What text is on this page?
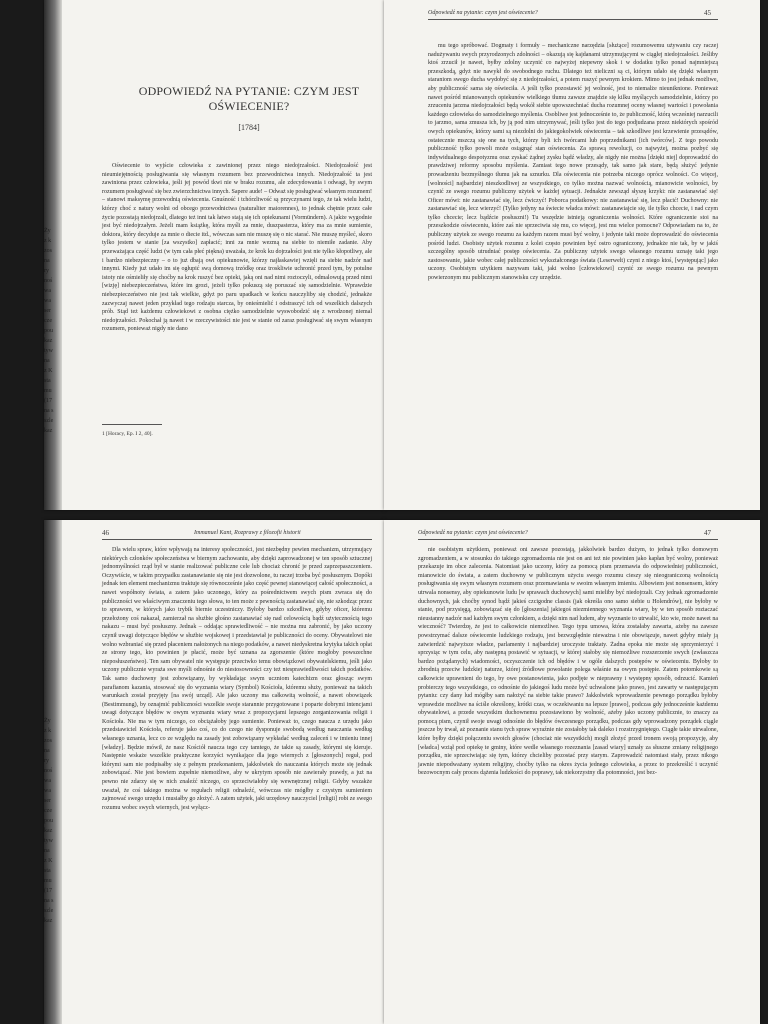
Ży
z k
zos
na
ry
noś
wa
wa
ser
cze
pou
kaz
tyw
na
z K
sta
mu
(17
na s
szle
kaz
ODPOWIEDŹ NA PYTANIE: CZYM JEST OŚWIECENIE?
[1784]

Oświecenie to wyjście człowieka z zawinionej przez niego niedojrzałości. Niedojrzałość jest nieumiejętnością posługiwania się własnym rozumem bez przewodnictwa innych. Niedojrzałość ta jest zawiniona przez człowieka, jeśli jej powód tkwi nie w braku rozumu, ale zdecydowania i odwagi, by swym rozumem posługiwać się bez zwierzchnictwa innych. Sapere aude! – Odważ się posługiwać własnym rozumem! – stanowi maksymę przewodnią oświecenia. Gnuśność i tchórzliwość są przyczynami tego, że tak wielu ludzi, którzy choć z natury wolni od obcego przewodnictwa (naturaliter maiorennes), to jednak chętnie przez całe życie pozostają niedojrzali, dlatego też inni tak łatwo stają się ich opiekunami (Vormündern). A jakże wygodnie jest być niedojrzałym. Jeżeli mam książkę, która myśli za mnie, duszpasterza, który ma za mnie sumienie, doktora, który decyduje za mnie o diecie itd., wówczas sam nie muszę się o nic starać. Nie muszę myśleć, skoro tylko jestem w stanie [za wszystko] zapłacić; inni za mnie wezmą na siebie to niemiłe zadanie. Aby przeważająca część ludzi (w tym cała płeć piękna) uważała, że krok ku dojrzałości jest nie tylko kłopotliwy, ale i bardzo niebezpieczny – o to już dbają owi opiekunowie, którzy najłaskawiej wzięli na siebie nadzór nad innymi. Kiedy już udało im się ogłupić swą domową trzódkę oraz troskliwie uchronić przed tym, by potulne istoty nie ośmieliły się choćby na krok ruszyć bez opieki, jaką oni nad nimi roztoczyli, odmalowują przed nimi [wizję] niebezpieczeństwa, które im grozi, jeżeli tylko pokuszą się poruszać się samodzielnie. Wprawdzie niebezpieczeństwo nie jest tak wielkie, gdyż po paru upadkach w końcu nauczyliby się chodzić, jednakże zazwyczaj nawet jeden przykład tego rodzaju starcza, by onieśmielić i odstraszyć ich od wszelkich dalszych prób. Stąd też każdemu człowiekowi z osobna ciężko samodzielnie wyswobodzić się z wrodzonej niemal niedojrzałości. Pokochał ją nawet i w rzeczywistości nie jest w stanie od zaraz posługiwać się swym własnym rozumem, ponieważ nigdy nie dano

1 [Horacy, Ep. I 2, 40].
Odpowiedź na pytanie: czym jest oświecenie?	45

mu tego spróbować. Dogmaty i formuły – mechaniczne narzędzia [służące] rozumowemu używaniu czy raczej nadużywaniu swych przyrodzonych zdolności – okazują się kajdanami utrzymującymi w ciągłej niedojrzałości. Jeśliby ktoś zrzucił je nawet, byłby zdolny uczynić co najwyżej niepewny skok i w dodatku tylko ponad najmniejszą przeszkodą, gdyż nie nawykł do swobodnego ruchu. Dlatego też nieliczni są ci, którym udało się dzięki własnym staraniom swego ducha wydobyć się z niedojrzałości, a potem ruszyć pewnym krokiem. Mimo to jest jednak możliwe, aby publiczność sama się oświeciła. A jeśli tylko pozostawić jej wolność, jest to niemalże nieuniknione. Ponieważ nawet pośród mianowanych opiekunów wielkiego tłumu zawsze znajdzie się kilku myślących samodzielnie, którzy po zrzuceniu jarzma niedojrzałości będą wokół siebie upowszechniać ducha rozumnej oceny własnej wartości i powołania każdego człowieka do samodzielnego myślenia. Osobliwe jest jednocześnie to, że publiczność, którą wcześniej narzucili to jarzmo, sama zmusza ich, by ją pod nim utrzymywać, jeśli tylko jest do tego podjudzana przez niektórych spośród owych opiekunów, którzy sami są niezdolni do jakiegokolwiek oświecenia – tak szkodliwe jest krzewienie przesądów, ostatecznie mszczą się one na tych, którzy byli ich twórcami lub poprzednikami [ich twórców]. Z tego powodu publiczność tylko powoli może osiągnąć stan oświecenia. Za sprawą rewolucji, co najwyżej, można pozbyć się indywidualnego despotyzmu oraz zyskać żądnej zysku bądź władzy, ale nigdy nie można [dzięki niej] doprowadzić do prawdziwej reformy sposobu myślenia. Zamiast tego nowe przesądy, tak samo jak stare, będą służyć jedynie prowadzeniu bezmyślnego tłumu jak na sznurku. Dla oświecenia nie potrzeba niczego oprócz wolności. Co więcej, [wolności] najbardziej nieszkodliwej ze wszystkiego, co tylko można nazwać wolnością, mianowicie wolności, by czynić ze swego rozumu publiczny użytek w każdej sytuacji. Jednakże zewsząd słyszę krzyki: nie zastanawiać się! Oficer mówi: nie zastanawiać się, lecz ćwiczyć! Poborca podatkowy: nie zastanawiać się, lecz płacić! Duchowny: nie zastanawiać się, lecz wierzyć! (Tylko jedyny na świecie władca mówi: zastanawiajcie się, ile tylko chcecie, i nad czym tylko chcecie; lecz bądźcie posłuszni!) Tu wszędzie istnieją ograniczenia wolności. Które ograniczenie stoi na przeszkodzie oświeceniu, które zaś nie sprzeciwia się mu, co więcej, jest mu wielce pomocne? Odpowiadam na to, że publiczny użytek ze swego rozumu za każdym razem musi być wolny, i jedynie taki może doprowadzić do oświecenia pośród ludzi. Osobisty użytek rozumu z kolei często powinien być ostro ograniczony, jednakże nie tak, by w jakiś szczególny sposób utrudniać postęp oświecenia. Za publiczny użytek swego własnego rozumu uznaję taki jego zastosowanie, jakie wobec całej publiczności wykształconego świata (Leserwelt) czyni z niego ktoś, [występując] jako uczony. Osobistym użytkiem nazywam taki, jaki wolno [człowiekowi] czynić ze swego rozumu na pewnym powierzonym mu publicznym stanowisku czy urzędzie.

Ży
z k
zos
na
ry
noś
wa
wa
ser
cze
pou
kaz
tyw
na
z K
sta
mu
(17
na s
szle
kaz
46	Immanuel Kant, Rozprawy z filozofii historii

Dla wielu spraw, które wpływają na interesy społeczności, jest niezbędny pewien mechanizm, utrzymujący niektórych członków społeczeństwa w biernym zachowaniu, aby dzięki zaprowadzonej w ten sposób sztucznej jednomyślności rząd był w stanie realizować publiczne cele lub chociaż chronić je przed zaprzepaszczeniem. Oczywiście, w takim przypadku zastanawianie się nie jest dozwolone, tu raczej trzeba być posłusznym. Dopóki jednak ten element mechanizmu traktuje się równocześnie jako część pewnej stanowiącej całość społeczności, a nawet współnoty świata, a zatem jako uczonego, który za pośrednictwem swych pism zwraca się do publiczności we właściwym znaczeniu tego słowa, to ten może z pewnością zastanawiać się, nie szkodząc przez to sprawom, w których jako trybik biernie uczestniczy. Byłoby bardzo szkodliwe, gdyby oficer, któremu przełożony coś nakazał, zamierzał na służbie głośno zastanawiać się nad celowością bądź użytecznością tego nakazu – musi być posłuszny. Jednak – oddając sprawiedliwość – nie można mu zabronić, by jako uczony czynił uwagi dotyczące błędów w służbie wojskowej i przedstawiał je publiczności do oceny. Obywatelowi nie wolno wzbraniać się przed płaceniem nałożonych na niego podatków, a nawet niedyskretna krytyka takich opłat ze strony tego, kto powinien je płacić, może być uznana za zgorszenie (które mogłoby powszechne nieposłuszeństwo). Ten sam obywatel nie występuje przeciwko temu obowiązkowi obywatelskiemu, jeśli jako uczony publicznie wyraża swe myśli odnośnie do niestosowności czy też niesprawiedliwości takich podatków. Tak samo duchowny jest zobowiązany, by wykładając swym uczniom katechizm oraz głosząc swym parafianom kazania, stosować się do wyznania wiary (Symbol) Kościoła, któremu służy, ponieważ na takich warunkach został przyjęty [na swój urząd]. Ale jako uczony ma całkowitą wolność, a nawet obowiązek (Bestimmung), by oznajmić publiczności wszelkie swoje starannie przygotowane i poparte dobrymi intencjami uwagi dotyczące błędów w owym wyznaniu wiary wraz z propozycjami lepszego zorganizowania religii i Kościoła. Nie ma w tym niczego, co obciążałoby jego sumienie. Ponieważ to, czego naucza z urzędu jako przedstawiciel Kościoła, referuje jako coś, co do czego nie dysponuje swobodą według nauczania według własnego uznania, lecz co ze względu na zasady jest zobowiązany wykładać według zaleceń i w imieniu innej [władzy]. Będzie mówił, że nasz Kościół naucza tego czy tamtego, że takie są zasady, którymi się kieruje. Następnie wskaże wszelkie praktyczne korzyści wynikające dla jego wiernych z [głoszonych] reguł, pod którymi sam nie podpisałby się z pełnym przekonaniem, jakkolwiek do nauczania których może się jednak zobowiązać. Nie jest bowiem zupełnie niemożliwe, aby w ukrytym sposób nie zawierały prawdy, a już na pewno nie zdarzy się w nich znaleźć niczego, co sprzeciwiałoby się wewnętrznej religii. Gdyby wszakże uważał, że coś takiego można w regułach religii odnaleźć, wówczas nie mógłby z czystym sumieniem zajmować swego urzędu i musiałby go złożyć. A zatem użytek, jaki urzędowy nauczyciel [religii] robi ze swego rozumu wobec swych wiernych, jest wyłącz-

Odpowiedź na pytanie: czym jest oświecenie?	47

nie osobistym użytkiem, ponieważ oni zawsze pozostają, jakkolwiek bardzo dużym, to jednak tylko domowym zgromadzeniem, a w stosunku do takiego zgromadzenia nie jest on ani też nie powinien jako kapłan być wolny, ponieważ przekazuje im obce zalecenia. Natomiast jako uczony, który za pomocą pism przemawia do odpowiedniej publiczności, mianowicie do świata, a zatem duchowny w publicznym użyciu swego rozumu cieszy się nieograniczoną wolnością posługiwania się swym własnym rozumem oraz przemawiania w swoim własnym imieniu. Albowiem jest nonsensem, który utrwala nonsensy, aby opiekunowie ludu [w sprawach duchowych] sami mieliby być niedojrzali. Czy jednak zgromadzenie duchownych, jak choćby synod bądź jakieś czcigodne classis (jak określa ono samo siebie u Holendrów), nie byłoby w stanie, pod przysięgą, zobowiązać się do [głoszenia] jakiegoś niezmiennego wyznania wiary, by w ten sposób roztaczać nieustanny nadzór nad każdym swym członkiem, a dzięki nim nad ludem, aby wyznanie to utrwalić, kto wie, może nawet na wieczność? Twierdzę, że jest to całkowicie niemożliwe. Tego typu umowa, która zostałaby zawarta, ażeby na zawsze powstrzymać dalsze oświecenie ludzkiego rodzaju, jest bezwzględnie nieważna i nie obowiązuje, nawet gdyby miały ją zatwierdzić najwyższe władze, parlamenty i najbardziej uroczyste traktaty. Żadna epoka nie może się sprzymierzyć i sprzysiąc w tym celu, aby następną postawić w sytuacji, w której stałoby się niemożliwe rozszerzenie swych (zwłaszcza bardzo pożądanych) wiadomości, oczyszczenie ich od błędów i w ogóle dalszych postępów w oświeceniu. Byłoby to zbrodnią przeciw ludzkiej naturze, której źródłowe powołanie polega właśnie na owym postępie. Zatem potomkowie są całkowicie uprawnieni do tego, by owe postanowienia, jako podjęte w nieprawny i występny sposób, odrzucić. Kamień probierczy tego wszystkiego, co odnośnie do jakiegoś ludu może być uchwalone jako prawo, jest zawarty w następującym pytaniu: czy dany lud mógłby sam nałożyć na siebie takie prawo? Jakkolwiek wprowadzenie pewnego porządku byłoby wprawdzie możliwe na ściśle określony, krótki czas, w oczekiwaniu na lepsze [prawo], podczas gdy jednocześnie każdemu obywatelowi, a przede wszystkim duchownemu pozostawiono by wolność, ażeby jako uczony publicznie, to znaczy za pomocą pism, czynił swoje uwagi odnośnie do błędów ówczesnego porządku, podczas gdy wprowadzony porządek ciągle jeszcze by trwał, aż poznanie stanu tych spraw wyraźnie nie zostałoby tak daleko i rozstrzygniętego. Ciągłe takie utrwalone, które byłby dzięki połączeniu swoich głosów (chociaż nie wszystkich) mogli złożyć przed tronem swoją propozycję, aby [władca] wziął pod opiekę te gminy, które wedle własnego rozeznania [zasad wiary] uznały za słuszne zmiany religijnego porządku, nie sprzeciwiając się tym, którzy chcieliby pozostać przy starym. Zaprowadzić natomiast stały, przez nikogo jawnie niepodważany system religijny, choćby tylko na okres życia jednego człowieka, a przez to przekreślić i uczynić bezowocnym cały proces dążenia ludzkości do poprawy, tak niekorzystny dla potomności, jest bez-
